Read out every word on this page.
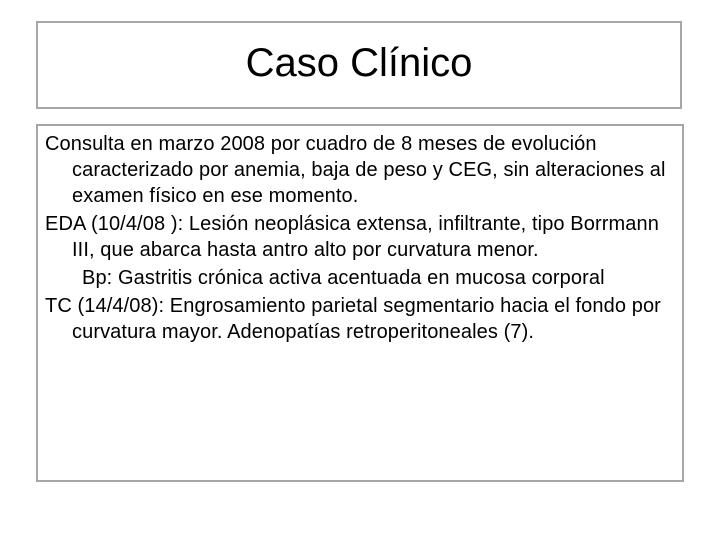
Caso Clínico

Consulta en marzo 2008 por cuadro de 8 meses de evolución caracterizado por anemia, baja de peso y CEG, sin alteraciones al examen físico en ese momento.

EDA (10/4/08 ): Lesión neoplásica extensa, infiltrante, tipo Borrmann III, que abarca hasta antro alto por curvatura menor.

Bp: Gastritis crónica activa acentuada en mucosa corporal

TC (14/4/08): Engrosamiento parietal segmentario hacia el fondo por curvatura mayor. Adenopatías retroperitoneales (7).
